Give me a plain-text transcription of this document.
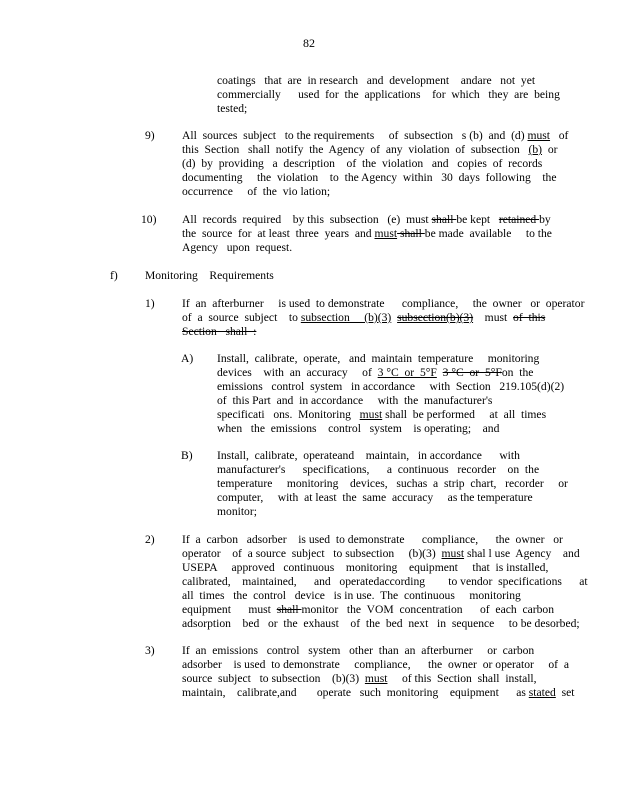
82
coatings   that  are  in research   and  development    andare   not  yet
commercially      used  for  the  applications    for  which   they  are  being
tested;
9) All  sources  subject   to the requirements     of  subsection   s (b)  and  (d) must   of
this  Section   shall  notify  the  Agency  of  any  violation  of  subsection   (b)  or
(d)  by  providing   a  description    of  the  violation   and   copies  of  records
documenting     the  violation    to  the Agency  within   30  days  following    the
occurrence     of  the  vio lation;
10) All  records  required    by this  subsection   (e)  must shall be kept   retained by
the  source  for  at least  three  years  and must shall be made  available     to the
Agency   upon  request.
f) Monitoring    Requirements
1) If  an  afterburner     is used  to demonstrate      compliance,     the  owner   or  operator
of  a  source  subject    to subsection     (b)(3) subsection(b)(3)    must  of  this
Section   shall  :
A) Install,  calibrate,  operate,   and  maintain  temperature     monitoring
devices    with  an  accuracy     of  3 °C  or  5°F 3 °C  or  5°Fon  the
emissions   control  system   in accordance     with  Section   219.105(d)(2)
of  this Part  and  in accordance     with  the  manufacturer's
specificati   ons.  Monitoring   must shall  be performed     at  all  times
when   the  emissions    control   system    is operating;    and
B) Install,  calibrate,  operateand    maintain,   in accordance      with
manufacturer's      specifications,      a  continuous   recorder    on  the
temperature     monitoring    devices,   suchas  a  strip  chart,   recorder     or
computer,     with  at least  the  same  accuracy     as the temperature
monitor;
2) If  a  carbon   adsorber    is used  to demonstrate      compliance,      the  owner   or
operator    of  a source  subject   to subsection     (b)(3)  must shal l use  Agency    and
USEPA     approved   continuous    monitoring    equipment     that  is installed,
calibrated,    maintained,      and   operatedaccording        to vendor  specifications      at
all  times   the  control   device   is in use.  The  continuous     monitoring
equipment      must  shall monitor   the  VOM  concentration      of  each  carbon
adsorption    bed   or  the  exhaust    of  the  bed  next   in  sequence     to be desorbed;
3) If  an  emissions   control   system   other  than  an  afterburner     or  carbon
adsorber    is used  to demonstrate     compliance,      the  owner  or operator     of  a
source  subject   to subsection    (b)(3)  must     of this  Section  shall  install,
maintain,    calibrate,and       operate   such  monitoring    equipment      as stated  set
